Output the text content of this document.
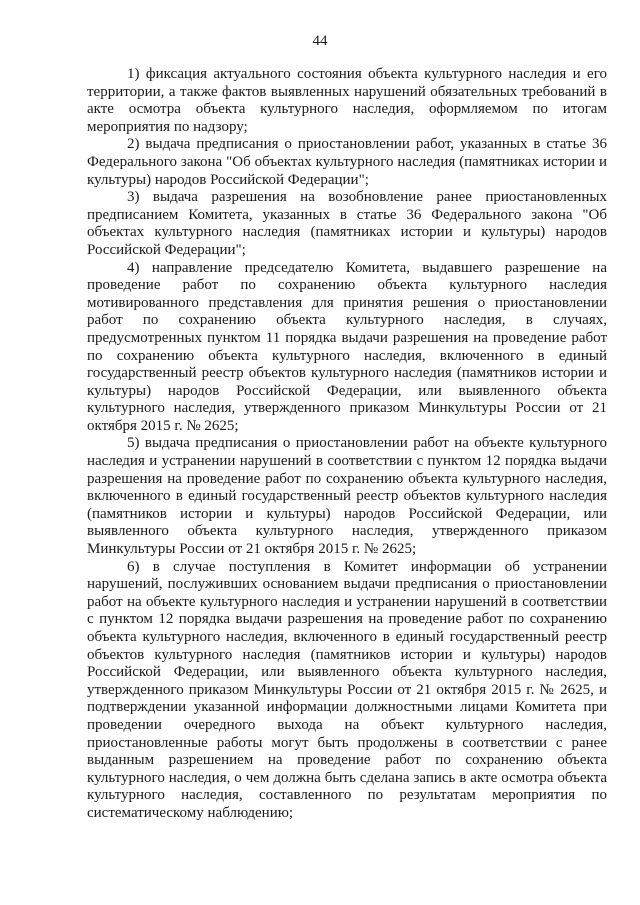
44

1) фиксация актуального состояния объекта культурного наследия и его территории, а также фактов выявленных нарушений обязательных требований в акте осмотра объекта культурного наследия, оформляемом по итогам мероприятия по надзору;

2) выдача предписания о приостановлении работ, указанных в статье 36 Федерального закона "Об объектах культурного наследия (памятниках истории и культуры) народов Российской Федерации";

3) выдача разрешения на возобновление ранее приостановленных предписанием Комитета, указанных в статье 36 Федерального закона "Об объектах культурного наследия (памятниках истории и культуры) народов Российской Федерации";

4) направление председателю Комитета, выдавшего разрешение на проведение работ по сохранению объекта культурного наследия мотивированного представления для принятия решения о приостановлении работ по сохранению объекта культурного наследия, в случаях, предусмотренных пунктом 11 порядка выдачи разрешения на проведение работ по сохранению объекта культурного наследия, включенного в единый государственный реестр объектов культурного наследия (памятников истории и культуры) народов Российской Федерации, или выявленного объекта культурного наследия, утвержденного приказом Минкультуры России от 21 октября 2015 г. № 2625;

5) выдача предписания о приостановлении работ на объекте культурного наследия и устранении нарушений в соответствии с пунктом 12 порядка выдачи разрешения на проведение работ по сохранению объекта культурного наследия, включенного в единый государственный реестр объектов культурного наследия (памятников истории и культуры) народов Российской Федерации, или выявленного объекта культурного наследия, утвержденного приказом Минкультуры России от 21 октября 2015 г. № 2625;

6) в случае поступления в Комитет информации об устранении нарушений, послуживших основанием выдачи предписания о приостановлении работ на объекте культурного наследия и устранении нарушений в соответствии с пунктом 12 порядка выдачи разрешения на проведение работ по сохранению объекта культурного наследия, включенного в единый государственный реестр объектов культурного наследия (памятников истории и культуры) народов Российской Федерации, или выявленного объекта культурного наследия, утвержденного приказом Минкультуры России от 21 октября 2015 г. № 2625, и подтверждении указанной информации должностными лицами Комитета при проведении очередного выхода на объект культурного наследия, приостановленные работы могут быть продолжены в соответствии с ранее выданным разрешением на проведение работ по сохранению объекта культурного наследия, о чем должна быть сделана запись в акте осмотра объекта культурного наследия, составленного по результатам мероприятия по систематическому наблюдению;
